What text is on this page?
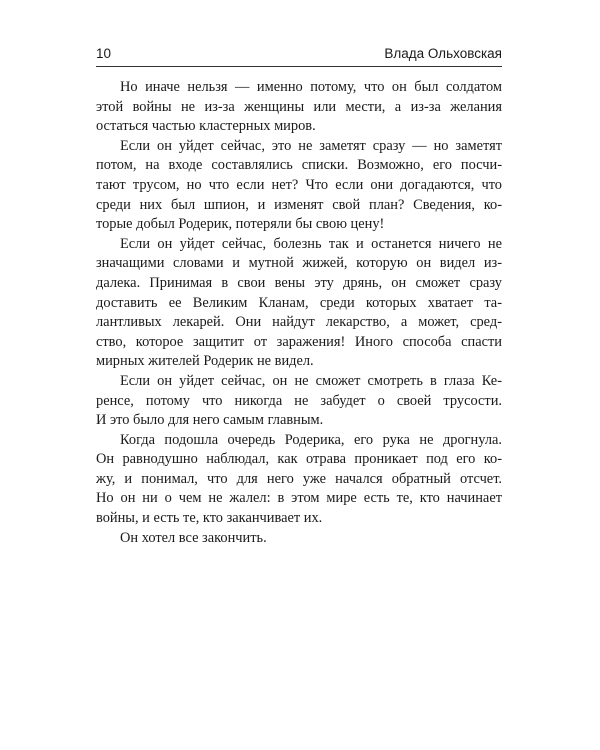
10	Влада Ольховская
Но иначе нельзя — именно потому, что он был солдатом
этой войны не из-за женщины или мести, а из-за желания
остаться частью кластерных миров.
Если он уйдет сейчас, это не заметят сразу — но заметят
потом, на входе составлялись списки. Возможно, его посчи-
тают трусом, но что если нет? Что если они догадаются, что
среди них был шпион, и изменят свой план? Сведения, ко-
торые добыл Родерик, потеряли бы свою цену!
Если он уйдет сейчас, болезнь так и останется ничего не
значащими словами и мутной жижей, которую он видел из-
далека. Принимая в свои вены эту дрянь, он сможет сразу
доставить ее Великим Кланам, среди которых хватает та-
лантливых лекарей. Они найдут лекарство, а может, сред-
ство, которое защитит от заражения! Иного способа спасти
мирных жителей Родерик не видел.
Если он уйдет сейчас, он не сможет смотреть в глаза Ке-
ренсе, потому что никогда не забудет о своей трусости.
И это было для него самым главным.
Когда подошла очередь Родерика, его рука не дрогнула.
Он равнодушно наблюдал, как отрава проникает под его ко-
жу, и понимал, что для него уже начался обратный отсчет.
Но он ни о чем не жалел: в этом мире есть те, кто начинает
войны, и есть те, кто заканчивает их.
Он хотел все закончить.
